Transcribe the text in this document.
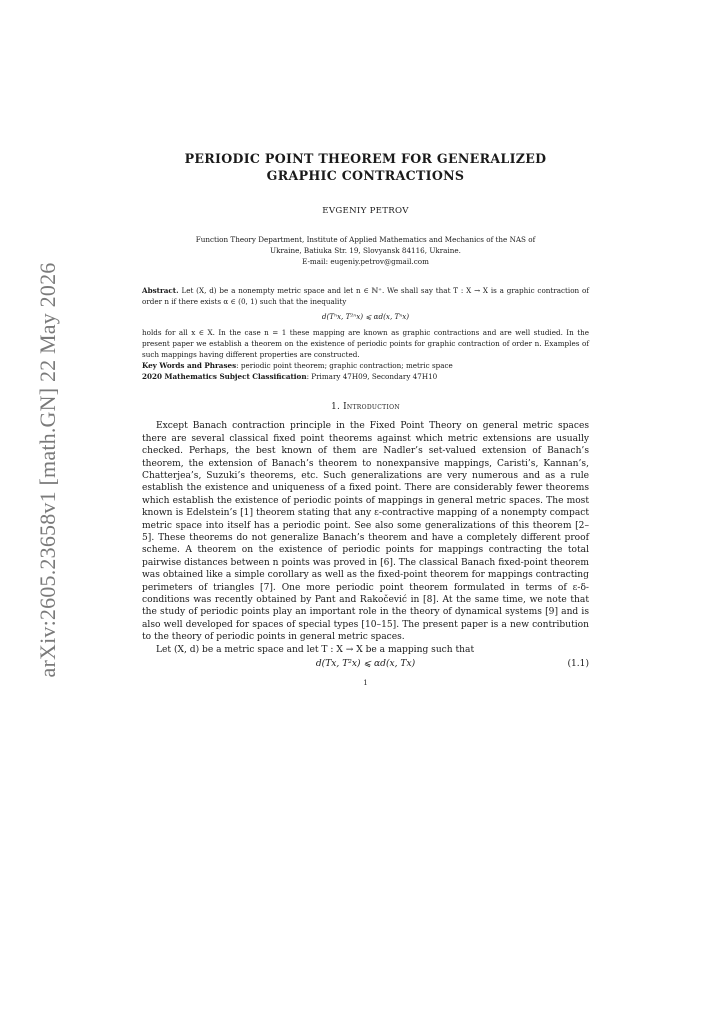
arXiv:2605.23658v1 [math.GN] 22 May 2026

PERIODIC POINT THEOREM FOR GENERALIZED
GRAPHIC CONTRACTIONS

EVGENIY PETROV
Function Theory Department, Institute of Applied Mathematics and Mechanics of the NAS of
Ukraine, Batiuka Str. 19, Slovyansk 84116, Ukraine.
E-mail: eugeniy.petrov@gmail.com
Abstract. Let (X, d) be a nonempty metric space and let n ∈ ℕ⁺. We shall say that T : X → X is a graphic contraction of order n if there exists α ∈ (0, 1) such that the inequality
d(Tⁿx, T²ⁿx) ⩽ αd(x, Tⁿx)
holds for all x ∈ X. In the case n = 1 these mapping are known as graphic contractions and are well studied. In the present paper we establish a theorem on the existence of periodic points for graphic contraction of order n. Examples of such mappings having different properties are constructed.
Key Words and Phrases: periodic point theorem; graphic contraction; metric space
2020 Mathematics Subject Classification: Primary 47H09, Secondary 47H10
1. Introduction

Except Banach contraction principle in the Fixed Point Theory on general metric spaces there are several classical fixed point theorems against which metric extensions are usually checked. Perhaps, the best known of them are Nadler’s set-valued extension of Banach’s theorem, the extension of Banach’s theorem to nonexpansive mappings, Caristi’s, Kannan’s, Chatterjea’s, Suzuki’s theorems, etc. Such generalizations are very numerous and as a rule establish the existence and uniqueness of a fixed point. There are considerably fewer theorems which establish the existence of periodic points of mappings in general metric spaces. The most known is Edelstein’s [1] theorem stating that any ε-contractive mapping of a nonempty compact metric space into itself has a periodic point. See also some generalizations of this theorem [2–5]. These theorems do not generalize Banach’s theorem and have a completely different proof scheme. A theorem on the existence of periodic points for mappings contracting the total pairwise distances between n points was proved in [6]. The classical Banach fixed-point theorem was obtained like a simple corollary as well as the fixed-point theorem for mappings contracting perimeters of triangles [7]. One more periodic point theorem formulated in terms of ε-δ-conditions was recently obtained by Pant and Rakočević in [8]. At the same time, we note that the study of periodic points play an important role in the theory of dynamical systems [9] and is also well developed for spaces of special types [10–15]. The present paper is a new contribution to the theory of periodic points in general metric spaces.

Let (X, d) be a metric space and let T : X → X be a mapping such that

d(Tx, T²x) ⩽ αd(x, Tx)	(1.1)
1
